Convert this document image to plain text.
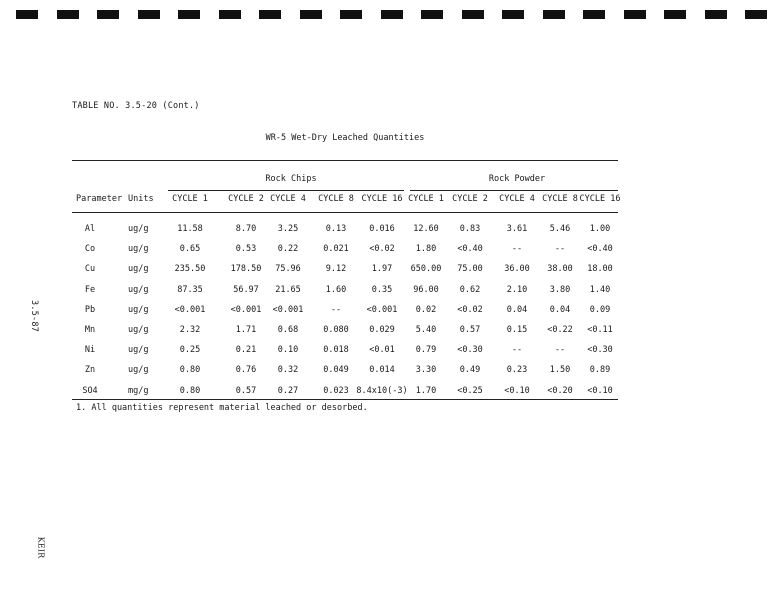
TABLE NO. 3.5-20 (Cont.)
WR-5 Wet-Dry Leached Quantities
Rock Chips	Rock Powder
Parameter Units CYCLE 1 CYCLE 2 CYCLE 4 CYCLE 8 CYCLE 16 CYCLE 1 CYCLE 2 CYCLE 4 CYCLE 8 CYCLE 16
Al	ug/g	11.58	8.70	3.25	0.13	0.016 12.60 0.83	3.61	5.46 1.00
Co	ug/g	0.65	0.53	0.22	0.021 <0.02 1.80 <0.40	--	--	<0.40
Cu	ug/g	235.50	178.50 75.96	9.12	1.97 650.00 75.00	36.00 38.00 18.00
Fe	ug/g	87.35	56.97 21.65	1.60	0.35 96.00 0.62	2.10	3.80 1.40
Pb	ug/g	<0.001	<0.001 <0.001	--	<0.001 0.02 <0.02	0.04	0.04 0.09
Mn	ug/g	2.32	1.71	0.68	0.080 0.029 5.40	0.57	0.15 <0.22 <0.11
Ni	ug/g	0.25	0.21	0.10	0.018 <0.01 0.79 <0.30	--	--	<0.30
Zn	ug/g	0.80	0.76	0.32	0.049 0.014 3.30	0.49	0.23	1.50 0.89
SO4	mg/g	0.80	0.57	0.27	0.023 8.4x10(-3) 1.70 <0.25	<0.10 <0.20 <0.10
1. All quantities represent material leached or desorbed.
3.5-87
KEIR
